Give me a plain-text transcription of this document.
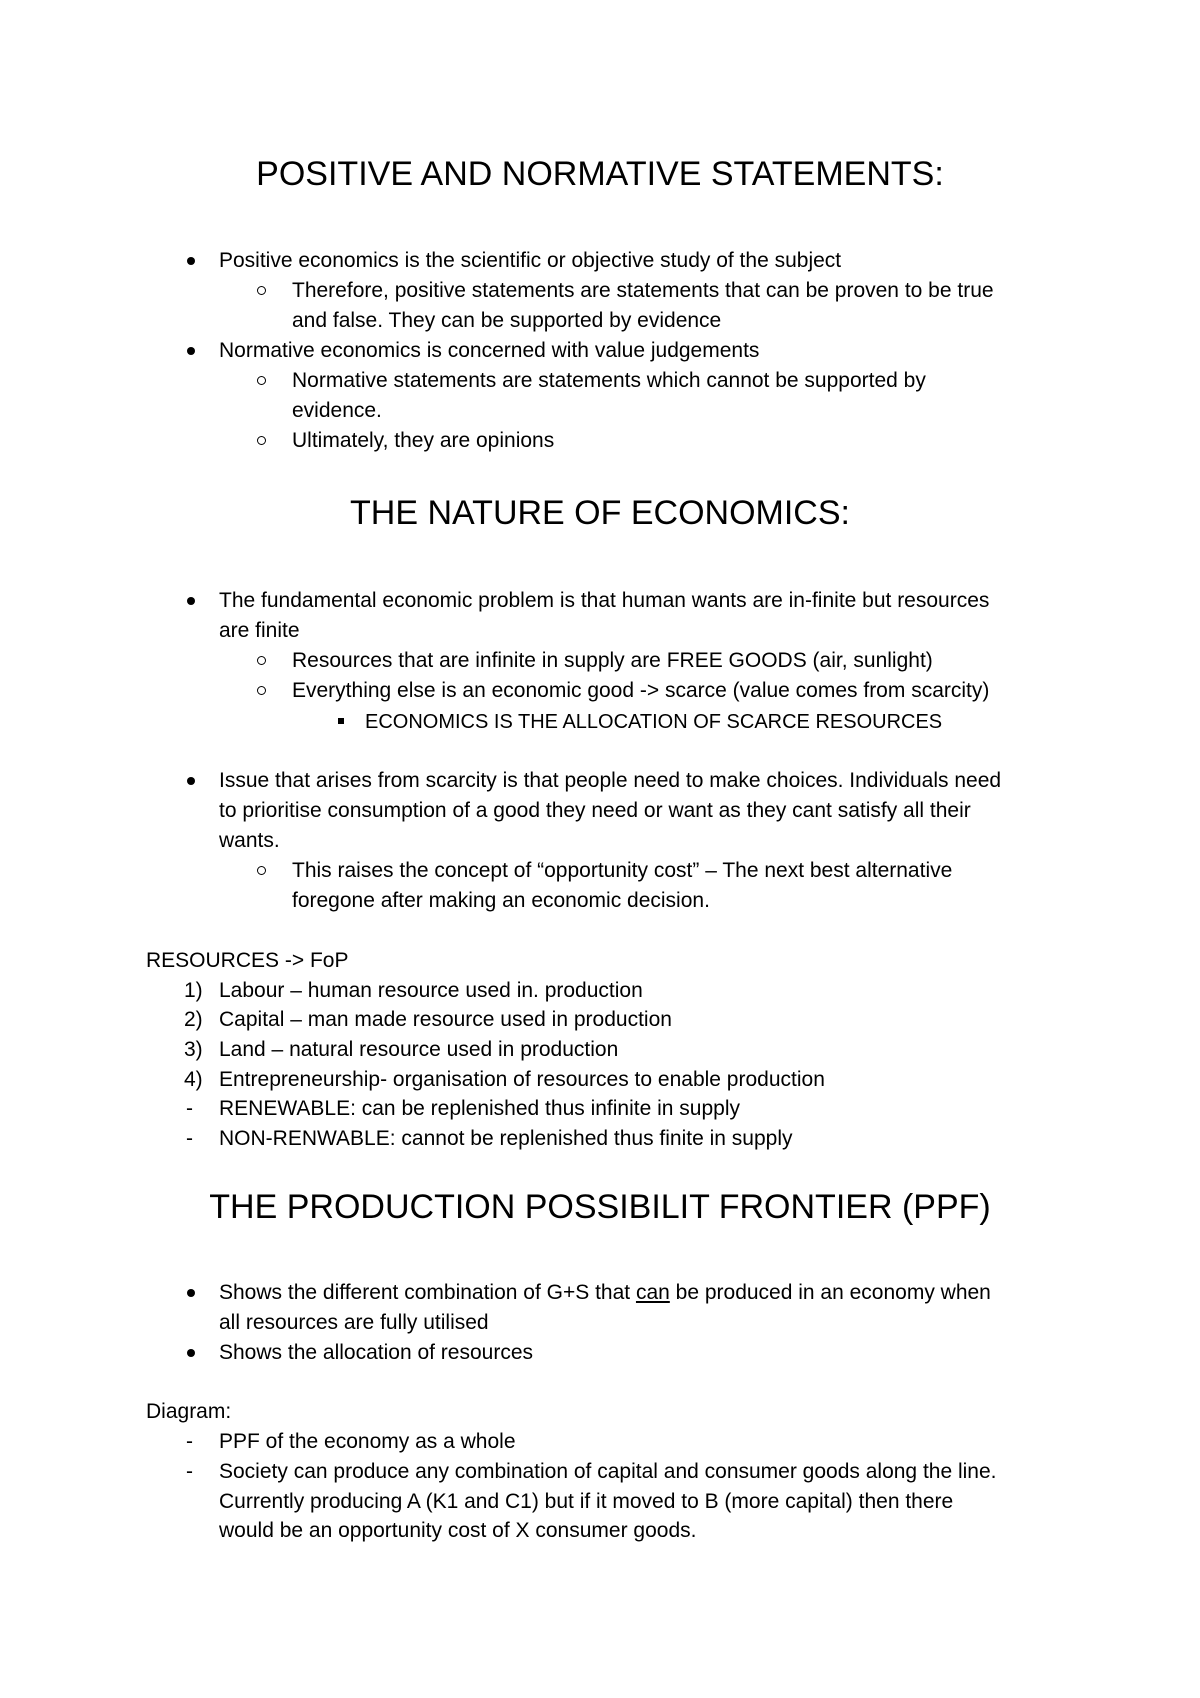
POSITIVE AND NORMATIVE STATEMENTS:
Positive economics is the scientific or objective study of the subject
Therefore, positive statements are statements that can be proven to be true
and false. They can be supported by evidence
Normative economics is concerned with value judgements
Normative statements are statements which cannot be supported by
evidence.
Ultimately, they are opinions
THE NATURE OF ECONOMICS:
The fundamental economic problem is that human wants are in-finite but resources
are finite
Resources that are infinite in supply are FREE GOODS (air, sunlight)
Everything else is an economic good -> scarce (value comes from scarcity)
ECONOMICS IS THE ALLOCATION OF SCARCE RESOURCES
Issue that arises from scarcity is that people need to make choices. Individuals need
to prioritise consumption of a good they need or want as they cant satisfy all their
wants.
This raises the concept of “opportunity cost” – The next best alternative
foregone after making an economic decision.
RESOURCES -> FoP
1) Labour – human resource used in. production
2) Capital – man made resource used in production
3) Land – natural resource used in production
4) Entrepreneurship- organisation of resources to enable production
- RENEWABLE: can be replenished thus infinite in supply
- NON-RENWABLE: cannot be replenished thus finite in supply
THE PRODUCTION POSSIBILIT FRONTIER (PPF)
Shows the different combination of G+S that can be produced in an economy when
all resources are fully utilised
Shows the allocation of resources
Diagram:
- PPF of the economy as a whole
- Society can produce any combination of capital and consumer goods along the line.
Currently producing A (K1 and C1) but if it moved to B (more capital) then there
would be an opportunity cost of X consumer goods.
